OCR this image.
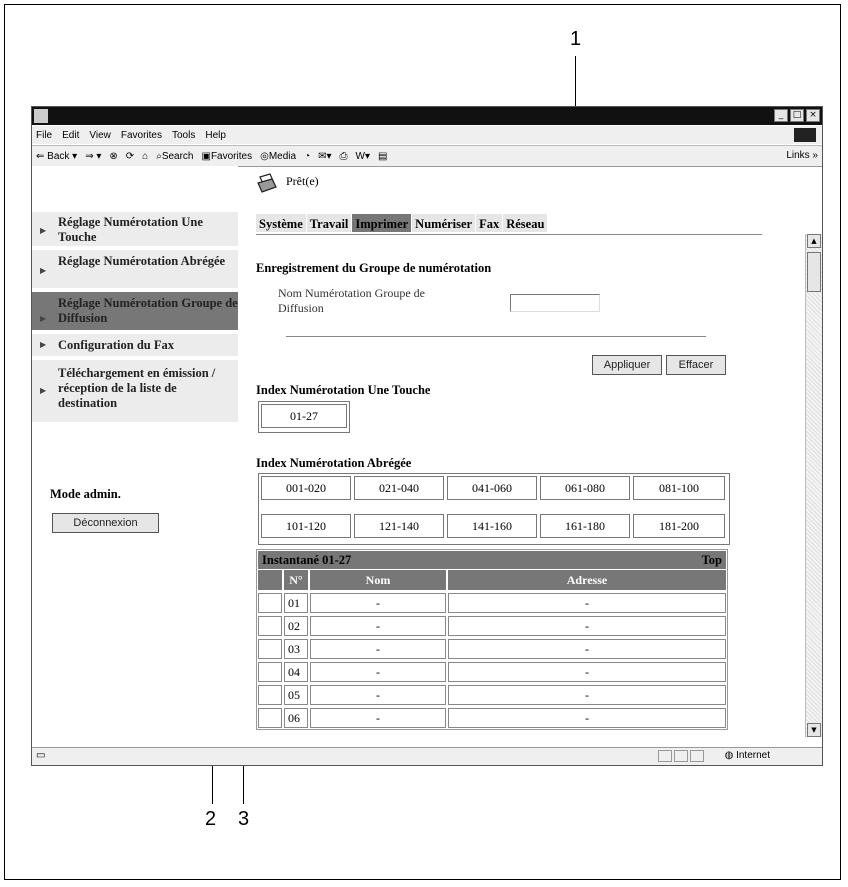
1
2 3
_	□ ×
File Edit View Favorites Tools Help
⇐ Back ▾ ⇒ ▾ ⊗ ⟳ ⌂ ⌕Search ▣Favorites ◎Media ◔ ✉▾ ⎙ W▾ ▤	Links »
▶
Réglage Numérotation Une Touche
▶
Réglage Numérotation Abrégée
▶
Réglage Numérotation Groupe de Diffusion
▶ Configuration du Fax
▶
Téléchargement en émission / réception de la liste de destination
Mode admin.
Déconnexion
Prêt(e)
Système Travail Imprimer Numériser Fax Réseau
Enregistrement du Groupe de numérotation
Nom Numérotation Groupe de Diffusion
Appliquer	Effacer
Index Numérotation Une Touche
01-27
Index Numérotation Abrégée
001-020	021-040	041-060	061-080	081-100
101-120	121-140	141-160	161-180	181-200
Instantané 01-27	Top
N°	Nom	Adresse
01	-	-
02	-	-
03	-	-
04	-	-
05	-	-
06	-	-
▲
▼
▭	◍ Internet
